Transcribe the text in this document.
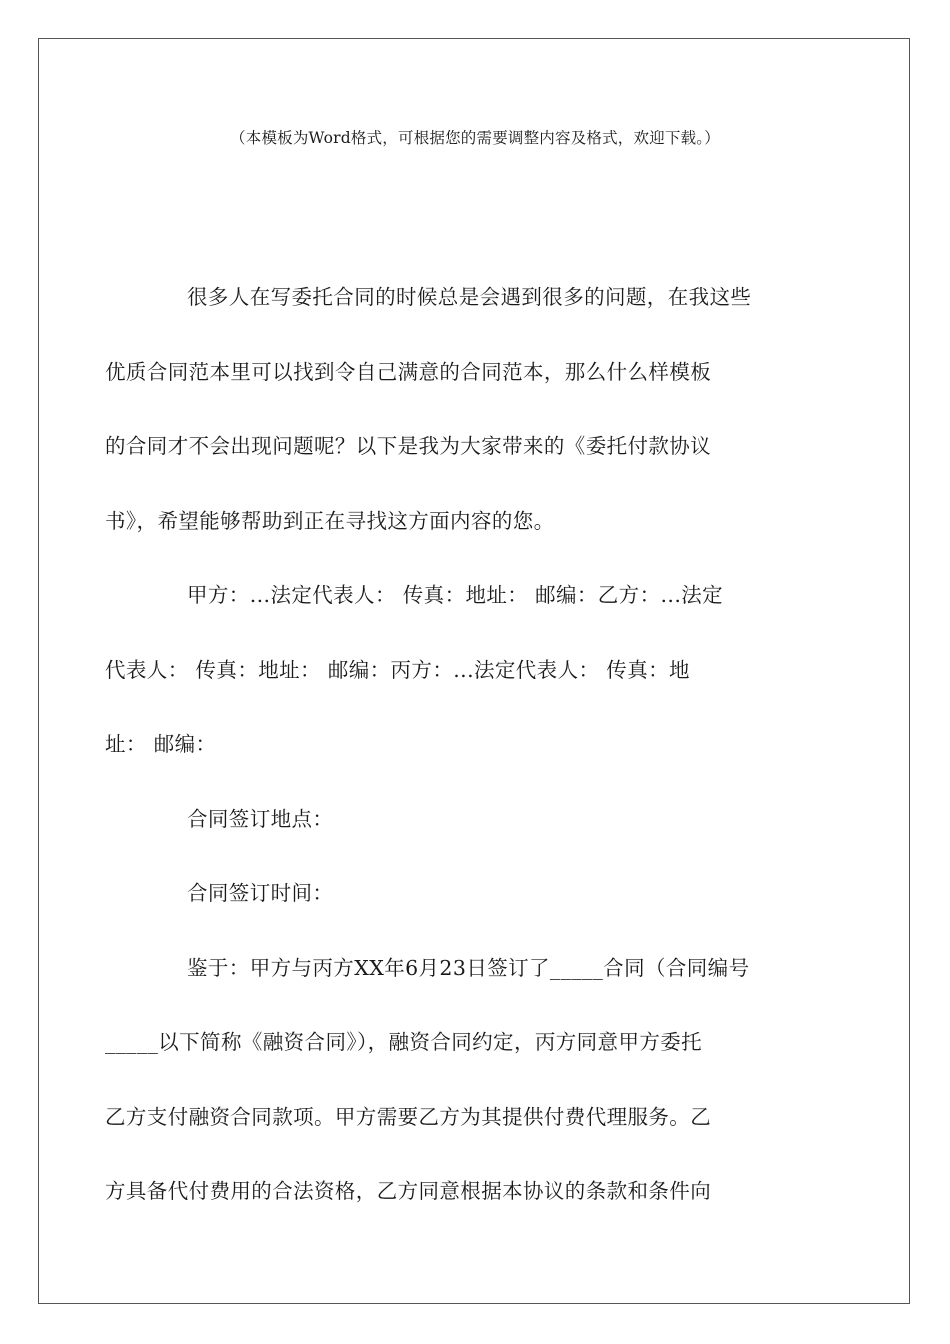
（本模板为Word格式，可根据您的需要调整内容及格式，欢迎下载。）

很多人在写委托合同的时候总是会遇到很多的问题，在我这些
优质合同范本里可以找到令自己满意的合同范本，那么什么样模板
的合同才不会出现问题呢？以下是我为大家带来的《委托付款协议
书》，希望能够帮助到正在寻找这方面内容的您。

甲方：...法定代表人： 传真：地址： 邮编：乙方：...法定
代表人： 传真：地址： 邮编：丙方：...法定代表人： 传真：地
址： 邮编：

合同签订地点：

合同签订时间：

鉴于：甲方与丙方XX年6月23日签订了_____合同（合同编号
_____以下简称《融资合同》），融资合同约定，丙方同意甲方委托
乙方支付融资合同款项。甲方需要乙方为其提供付费代理服务。乙
方具备代付费用的合法资格，乙方同意根据本协议的条款和条件向
